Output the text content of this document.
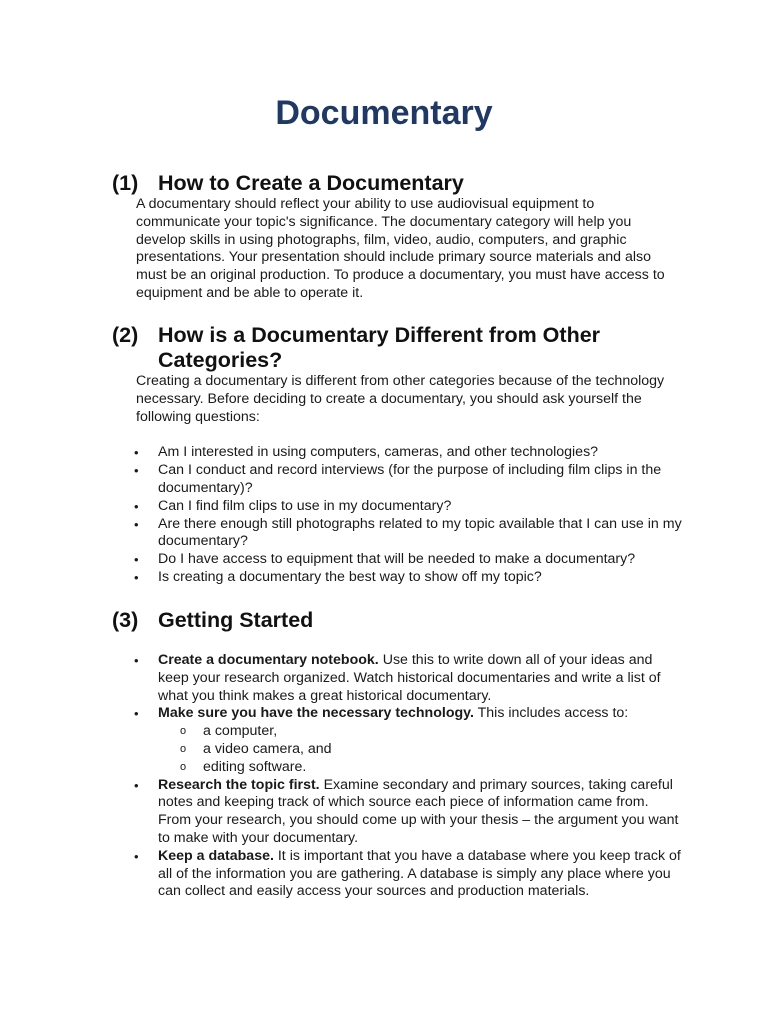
Documentary
(1) How to Create a Documentary

A documentary should reflect your ability to use audiovisual equipment to communicate your topic's significance. The documentary category will help you develop skills in using photographs, film, video, audio, computers, and graphic presentations. Your presentation should include primary source materials and also must be an original production. To produce a documentary, you must have access to equipment and be able to operate it.

(2) How is a Documentary Different from Other Categories?

Creating a documentary is different from other categories because of the technology necessary. Before deciding to create a documentary, you should ask yourself the following questions:

• Am I interested in using computers, cameras, and other technologies?
• Can I conduct and record interviews (for the purpose of including film clips in the documentary)?
• Can I find film clips to use in my documentary?
• Are there enough still photographs related to my topic available that I can use in my documentary?
• Do I have access to equipment that will be needed to make a documentary?
• Is creating a documentary the best way to show off my topic?
(3) Getting Started
• Create a documentary notebook. Use this to write down all of your ideas and keep your research organized. Watch historical documentaries and write a list of what you think makes a great historical documentary.
• Make sure you have the necessary technology. This includes access to:
o a computer,
o a video camera, and
o editing software.
• Research the topic first. Examine secondary and primary sources, taking careful notes and keeping track of which source each piece of information came from. From your research, you should come up with your thesis – the argument you want to make with your documentary.
• Keep a database. It is important that you have a database where you keep track of all of the information you are gathering. A database is simply any place where you can collect and easily access your sources and production materials.
